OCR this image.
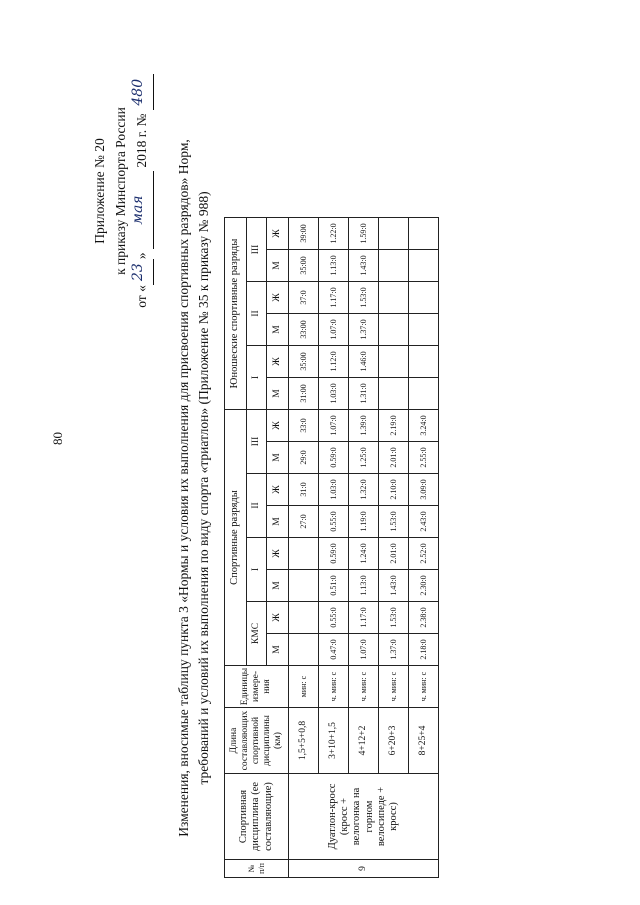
80
Приложение № 20 к приказу Минспорта России
от «
23
»
мая
2018 г. №
480

Изменения, вносимые таблицу пункта 3 «Нормы и условия их выполнения для присвоения спортивных разрядов» Норм, требований и условий их выполнения по виду спорта «триатлон» (Приложение № 35 к приказу № 988)
№ п/п	Спортивная дисциплина (ее составляющие)	Длина составляющих спортивной дисциплины (км)	Единицы измере-ния	Спортивные разряды								Юношеские спортивные разряды					
				КМС		I		II		III		I		II		III	
				М	Ж	М	Ж	М	Ж	М	Ж	М	Ж	М	Ж	М	Ж
9	Дуатлон-кросс (кросс + велогонка на горном велосипеде + кросс)	1,5+5+0,8	мин: с					27:0	31:0	29:0	33:0	31:00	35:00	33:00	37:0	35:00	39:00
		3+10+1,5	ч. мин: с	0.47:0	0.55:0	0.51:0	0.59:0	0.55:0	1.03:0	0.59:0	1.07:0	1.03:0	1.12:0	1.07:0	1.17:0	1.13:0	1.22:0
		4+12+2	ч. мин: с	1.07:0	1.17:0	1.13:0	1.24:0	1.19:0	1.32:0	1.25:0	1.39:0	1.31:0	1.46:0	1.37:0	1.53:0	1.43:0	1.59:0
		6+20+3	ч. мин: с	1.37:0	1.53:0	1.43:0	2.01:0	1.53:0	2.10:0	2.01:0	2.19:0						
		8+25+4	ч. мин: с	2.18:0	2.38:0	2.30:0	2.52:0	2.43:0	3.09:0	2.55:0	3.24:0						
